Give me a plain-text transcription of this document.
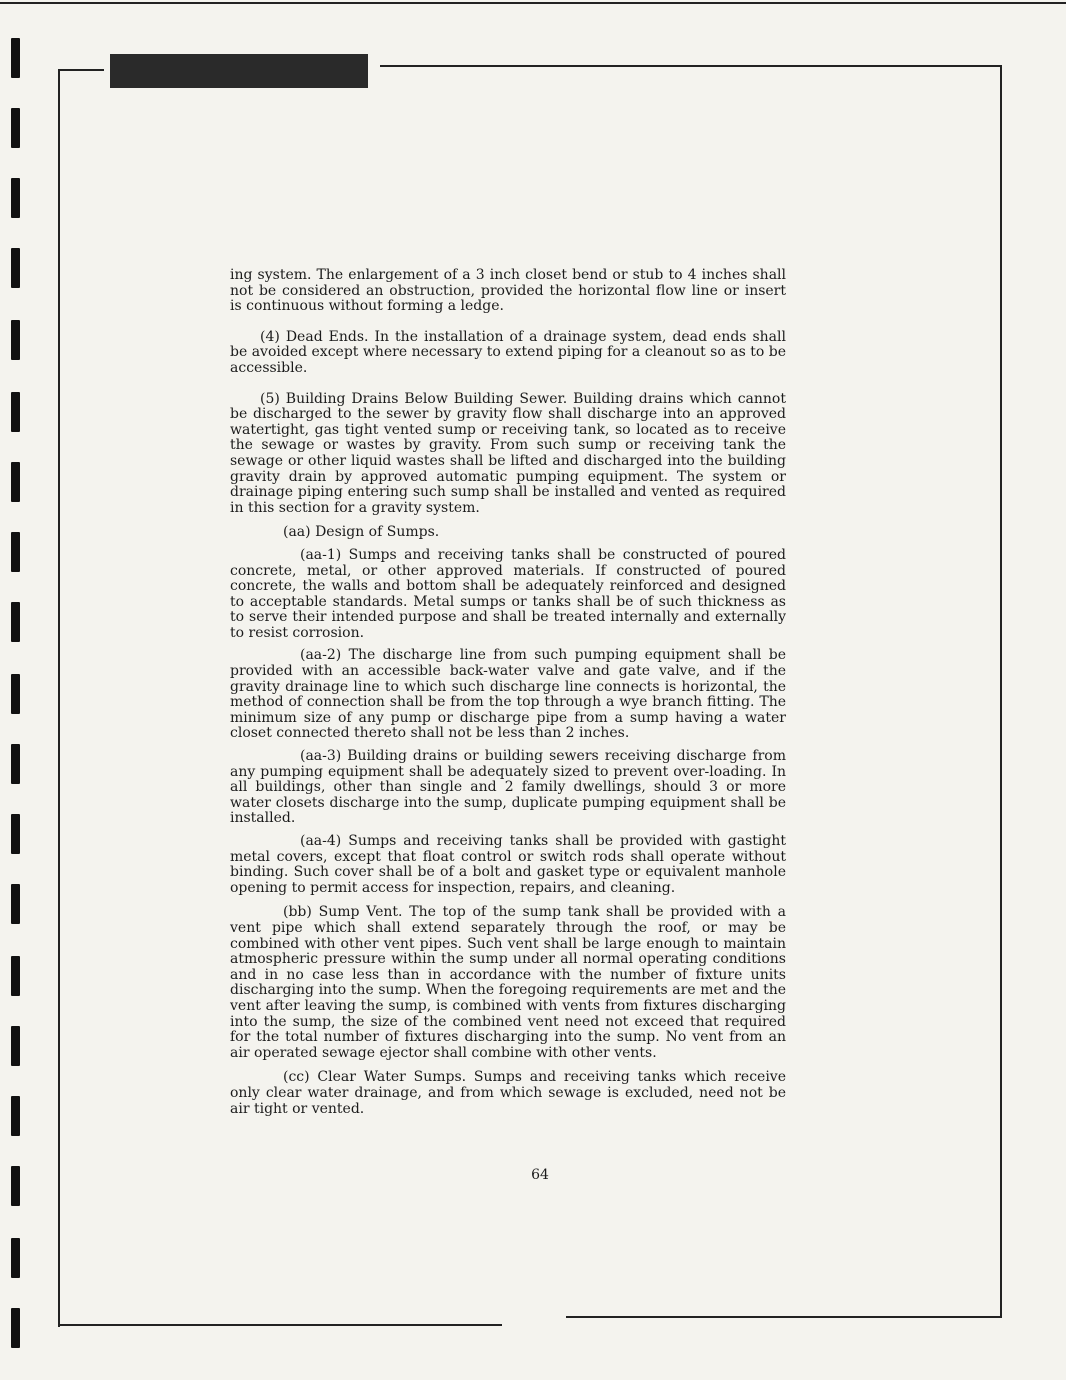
ing system. The enlargement of a 3 inch closet bend or stub to 4 inches shall not be considered an obstruction, provided the horizontal flow line or insert is continuous without forming a ledge.

(4) Dead Ends. In the installation of a drainage system, dead ends shall be avoided except where necessary to extend piping for a cleanout so as to be accessible.

(5) Building Drains Below Building Sewer. Building drains which cannot be discharged to the sewer by gravity flow shall discharge into an approved watertight, gas tight vented sump or receiving tank, so located as to receive the sewage or wastes by gravity. From such sump or receiving tank the sewage or other liquid wastes shall be lifted and discharged into the building gravity drain by approved automatic pumping equipment. The system or drainage piping entering such sump shall be installed and vented as required in this section for a gravity system.

(aa) Design of Sumps.

(aa-1) Sumps and receiving tanks shall be constructed of poured concrete, metal, or other approved materials. If constructed of poured concrete, the walls and bottom shall be adequately reinforced and designed to acceptable standards. Metal sumps or tanks shall be of such thickness as to serve their intended purpose and shall be treated internally and externally to resist corrosion.

(aa-2) The discharge line from such pumping equipment shall be provided with an accessible back-water valve and gate valve, and if the gravity drainage line to which such discharge line connects is horizontal, the method of connection shall be from the top through a wye branch fitting. The minimum size of any pump or discharge pipe from a sump having a water closet connected thereto shall not be less than 2 inches.

(aa-3) Building drains or building sewers receiving discharge from any pumping equipment shall be adequately sized to prevent over-loading. In all buildings, other than single and 2 family dwellings, should 3 or more water closets discharge into the sump, duplicate pumping equipment shall be installed.

(aa-4) Sumps and receiving tanks shall be provided with gastight metal covers, except that float control or switch rods shall operate without binding. Such cover shall be of a bolt and gasket type or equivalent manhole opening to permit access for inspection, repairs, and cleaning.

(bb) Sump Vent. The top of the sump tank shall be provided with a vent pipe which shall extend separately through the roof, or may be combined with other vent pipes. Such vent shall be large enough to maintain atmospheric pressure within the sump under all normal operating conditions and in no case less than in accordance with the number of fixture units discharging into the sump. When the foregoing requirements are met and the vent after leaving the sump, is combined with vents from fixtures discharging into the sump, the size of the combined vent need not exceed that required for the total number of fixtures discharging into the sump. No vent from an air operated sewage ejector shall combine with other vents.

(cc) Clear Water Sumps. Sumps and receiving tanks which receive only clear water drainage, and from which sewage is excluded, need not be air tight or vented.

64
